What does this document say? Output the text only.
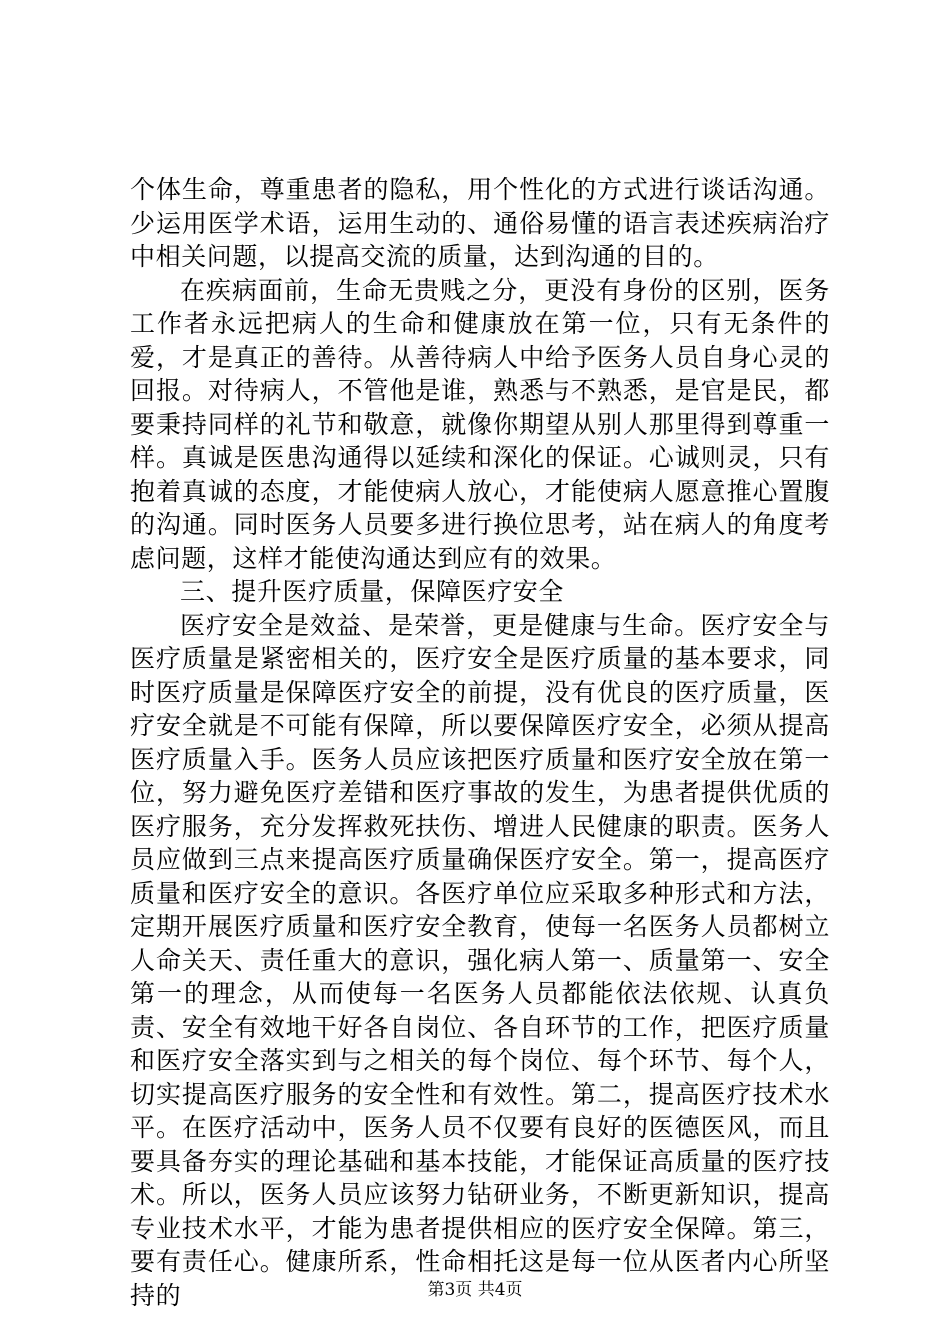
个体生命，尊重患者的隐私，用个性化的方式进行谈话沟通。少运用医学术语，运用生动的、通俗易懂的语言表述疾病治疗中相关问题，以提高交流的质量，达到沟通的目的。

在疾病面前，生命无贵贱之分，更没有身份的区别，医务工作者永远把病人的生命和健康放在第一位，只有无条件的爱，才是真正的善待。从善待病人中给予医务人员自身心灵的回报。对待病人，不管他是谁，熟悉与不熟悉，是官是民，都要秉持同样的礼节和敬意，就像你期望从别人那里得到尊重一样。真诚是医患沟通得以延续和深化的保证。心诚则灵，只有抱着真诚的态度，才能使病人放心，才能使病人愿意推心置腹的沟通。同时医务人员要多进行换位思考，站在病人的角度考虑问题，这样才能使沟通达到应有的效果。

三、提升医疗质量，保障医疗安全

医疗安全是效益、是荣誉，更是健康与生命。医疗安全与医疗质量是紧密相关的，医疗安全是医疗质量的基本要求，同时医疗质量是保障医疗安全的前提，没有优良的医疗质量，医疗安全就是不可能有保障，所以要保障医疗安全，必须从提高医疗质量入手。医务人员应该把医疗质量和医疗安全放在第一位，努力避免医疗差错和医疗事故的发生，为患者提供优质的医疗服务，充分发挥救死扶伤、增进人民健康的职责。医务人员应做到三点来提高医疗质量确保医疗安全。第一，提高医疗质量和医疗安全的意识。各医疗单位应采取多种形式和方法，定期开展医疗质量和医疗安全教育，使每一名医务人员都树立人命关天、责任重大的意识，强化病人第一、质量第一、安全第一的理念，从而使每一名医务人员都能依法依规、认真负责、安全有效地干好各自岗位、各自环节的工作，把医疗质量和医疗安全落实到与之相关的每个岗位、每个环节、每个人，切实提高医疗服务的安全性和有效性。第二，提高医疗技术水平。在医疗活动中，医务人员不仅要有良好的医德医风，而且要具备夯实的理论基础和基本技能，才能保证高质量的医疗技术。所以，医务人员应该努力钻研业务，不断更新知识，提高专业技术水平，才能为患者提供相应的医疗安全保障。第三，要有责任心。健康所系，性命相托这是每一位从医者内心所坚持的	第3页 共4页
